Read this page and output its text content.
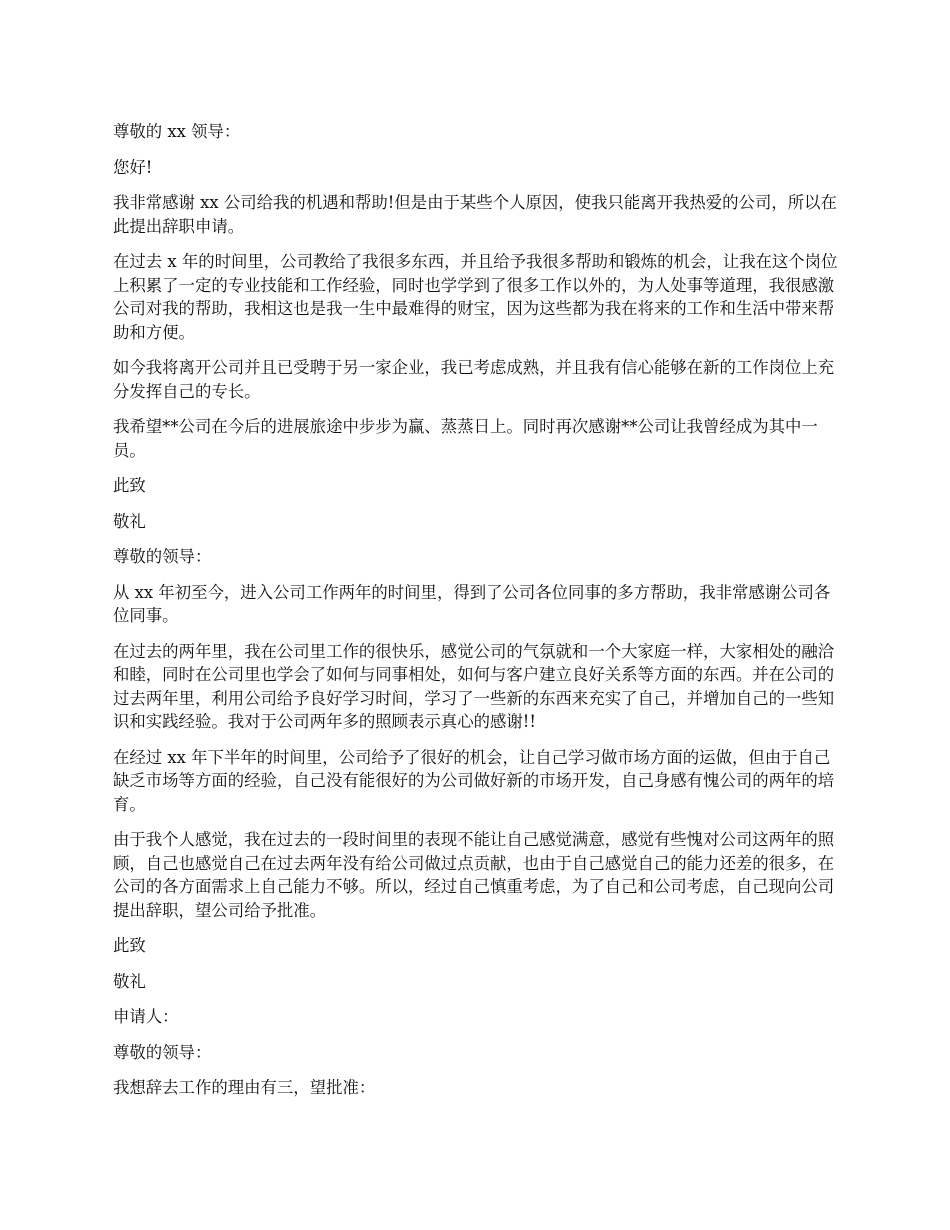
尊敬的 xx 领导：

您好!

我非常感谢 xx 公司给我的机遇和帮助!但是由于某些个人原因，使我只能离开我热爱的公司，所以在此提出辞职申请。

在过去 x 年的时间里，公司教给了我很多东西，并且给予我很多帮助和锻炼的机会，让我在这个岗位上积累了一定的专业技能和工作经验，同时也学学到了很多工作以外的，为人处事等道理，我很感激公司对我的帮助，我相这也是我一生中最难得的财宝，因为这些都为我在将来的工作和生活中带来帮助和方便。

如今我将离开公司并且已受聘于另一家企业，我已考虑成熟，并且我有信心能够在新的工作岗位上充分发挥自己的专长。

我希望**公司在今后的进展旅途中步步为赢、蒸蒸日上。同时再次感谢**公司让我曾经成为其中一员。

此致

敬礼

尊敬的领导：

从 xx 年初至今，进入公司工作两年的时间里，得到了公司各位同事的多方帮助，我非常感谢公司各位同事。

在过去的两年里，我在公司里工作的很快乐，感觉公司的气氛就和一个大家庭一样，大家相处的融洽和睦，同时在公司里也学会了如何与同事相处，如何与客户建立良好关系等方面的东西。并在公司的过去两年里，利用公司给予良好学习时间，学习了一些新的东西来充实了自己，并增加自己的一些知识和实践经验。我对于公司两年多的照顾表示真心的感谢!!

在经过 xx 年下半年的时间里，公司给予了很好的机会，让自己学习做市场方面的运做，但由于自己缺乏市场等方面的经验，自己没有能很好的为公司做好新的市场开发，自己身感有愧公司的两年的培育。

由于我个人感觉，我在过去的一段时间里的表现不能让自己感觉满意，感觉有些愧对公司这两年的照顾，自己也感觉自己在过去两年没有给公司做过点贡献，也由于自己感觉自己的能力还差的很多，在公司的各方面需求上自己能力不够。所以，经过自己慎重考虑，为了自己和公司考虑，自己现向公司提出辞职，望公司给予批准。

此致

敬礼

申请人：

尊敬的领导：

我想辞去工作的理由有三，望批准：
